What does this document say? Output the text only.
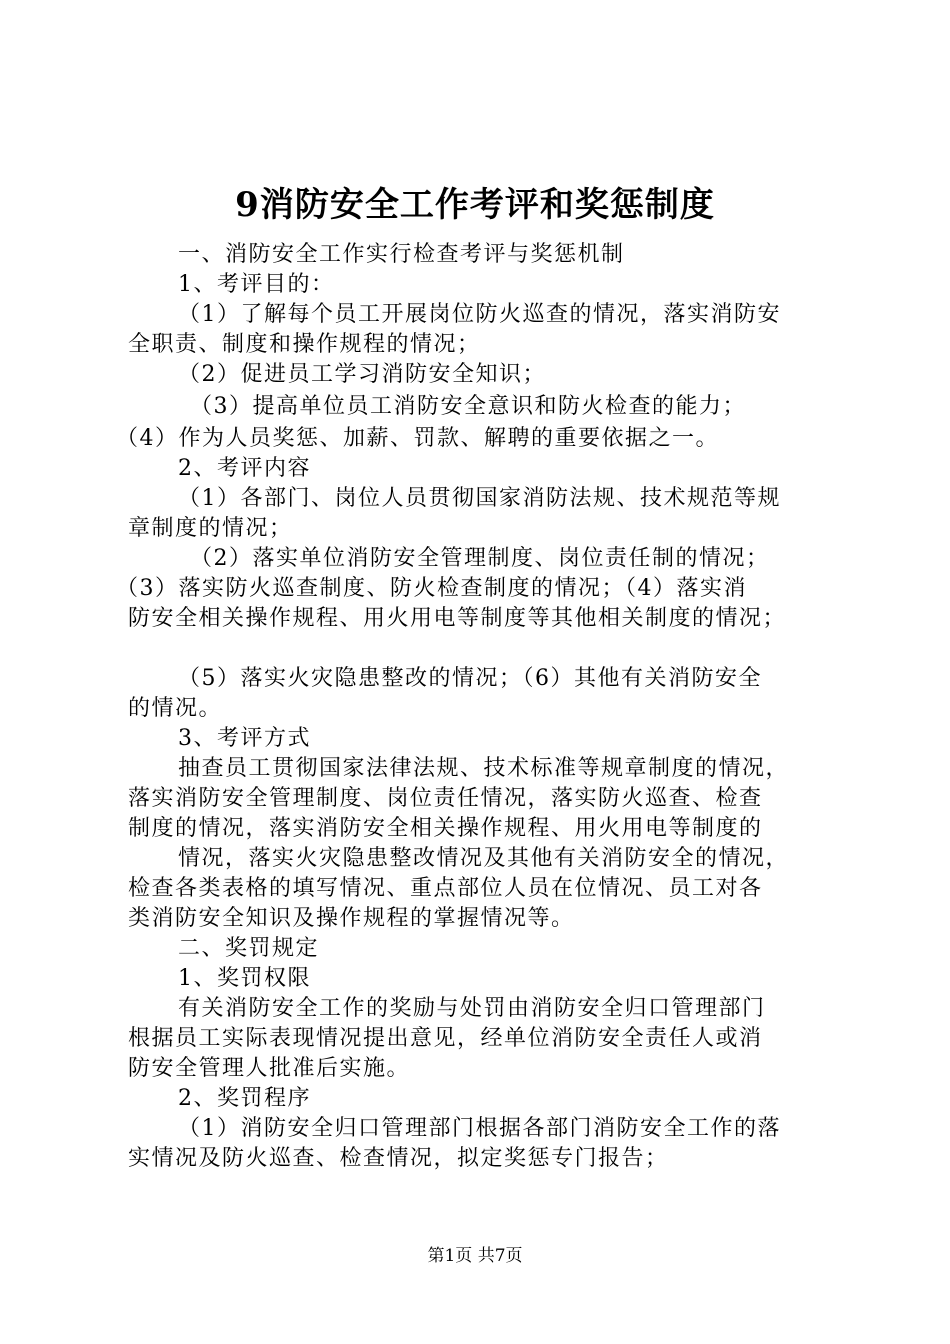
9消防安全工作考评和奖惩制度
一、消防安全工作实行检查考评与奖惩机制
1、考评目的：
（1）了解每个员工开展岗位防火巡查的情况，落实消防安
全职责、制度和操作规程的情况；
（2）促进员工学习消防安全知识；
（3）提高单位员工消防安全意识和防火检查的能力；
（4）作为人员奖惩、加薪、罚款、解聘的重要依据之一。
2、考评内容
（1）各部门、岗位人员贯彻国家消防法规、技术规范等规
章制度的情况；
（2）落实单位消防安全管理制度、岗位责任制的情况；
（3）落实防火巡查制度、防火检查制度的情况；（4）落实消
防安全相关操作规程、用火用电等制度等其他相关制度的情况；
（5）落实火灾隐患整改的情况；（6）其他有关消防安全
的情况。
3、考评方式
抽查员工贯彻国家法律法规、技术标准等规章制度的情况，
落实消防安全管理制度、岗位责任情况，落实防火巡查、检查
制度的情况，落实消防安全相关操作规程、用火用电等制度的
情况，落实火灾隐患整改情况及其他有关消防安全的情况，
检查各类表格的填写情况、重点部位人员在位情况、员工对各
类消防安全知识及操作规程的掌握情况等。
二、奖罚规定
1、奖罚权限
有关消防安全工作的奖励与处罚由消防安全归口管理部门
根据员工实际表现情况提出意见，经单位消防安全责任人或消
防安全管理人批准后实施。
2、奖罚程序
（1）消防安全归口管理部门根据各部门消防安全工作的落
实情况及防火巡查、检查情况，拟定奖惩专门报告；
第1页 共7页
